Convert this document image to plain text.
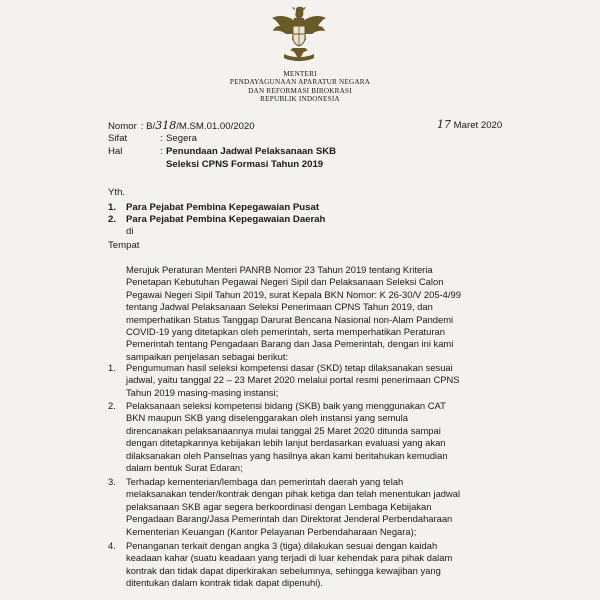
MENTERI
PENDAYAGUNAAN APARATUR NEGARA
DAN REFORMASI BIROKRASI
REPUBLIK INDONESIA
Nomor : B/318/M.SM.01.00/2020	17 Maret 2020
Sifat	: Segera
Hal	: Penundaan Jadwal Pelaksanaan SKB
Seleksi CPNS Formasi Tahun 2019
Yth.
1. Para Pejabat Pembina Kepegawaian Pusat
2. Para Pejabat Pembina Kepegawaian Daerah
di
Tempat
Merujuk Peraturan Menteri PANRB Nomor 23 Tahun 2019 tentang Kriteria
Penetapan Kebutuhan Pegawai Negeri Sipil dan Pelaksanaan Seleksi Calon
Pegawai Negeri Sipil Tahun 2019, surat Kepala BKN Nomor: K 26-30/V 205-4/99
tentang Jadwal Pelaksanaan Seleksi Penerimaan CPNS Tahun 2019, dan
memperhatikan Status Tanggap Darurat Bencana Nasional non-Alam Pandemi
COVID-19 yang ditetapkan oleh pemerintah, serta memperhatikan Peraturan
Pemerintah tentang Pengadaan Barang dan Jasa Pemerintah, dengan ini kami
sampaikan penjelasan sebagai berikut:
1. Pengumuman hasil seleksi kompetensi dasar (SKD) tetap dilaksanakan sesuai
jadwal, yaitu tanggal 22 – 23 Maret 2020 melalui portal resmi penerimaan CPNS
Tahun 2019 masing-masing instansi;
2. Pelaksanaan seleksi kompetensi bidang (SKB) baik yang menggunakan CAT
BKN maupun SKB yang diselenggarakan oleh instansi yang semula
direncanakan pelaksanaannya mulai tanggal 25 Maret 2020 ditunda sampai
dengan ditetapkannya kebijakan lebih lanjut berdasarkan evaluasi yang akan
dilaksanakan oleh Panselnas yang hasilnya akan kami beritahukan kemudian
dalam bentuk Surat Edaran;
3. Terhadap kementerian/lembaga dan pemerintah daerah yang telah
melaksanakan tender/kontrak dengan pihak ketiga dan telah menentukan jadwal
pelaksanaan SKB agar segera berkoordinasi dengan Lembaga Kebijakan
Pengadaan Barang/Jasa Pemerintah dan Direktorat Jenderal Perbendaharaan
Kementerian Keuangan (Kantor Pelayanan Perbendaharaan Negara);
4. Penanganan terkait dengan angka 3 (tiga) dilakukan sesuai dengan kaidah
keadaan kahar (suatu keadaan yang terjadi di luar kehendak para pihak dalam
kontrak dan tidak dapat diperkirakan sebelumnya, sehingga kewajiban yang
ditentukan dalam kontrak tidak dapat dipenuhi).
